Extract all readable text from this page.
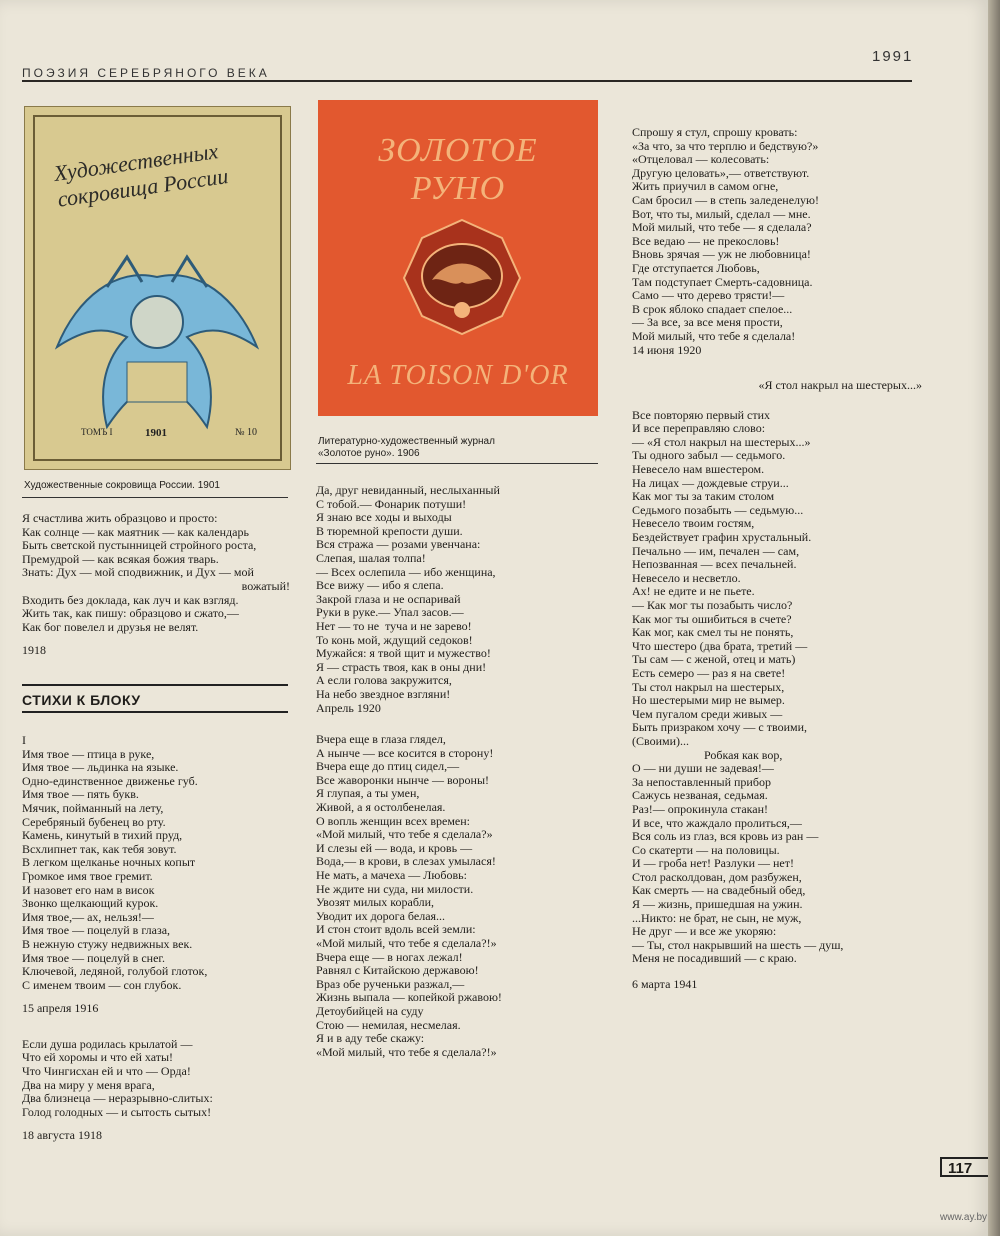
1991
ПОЭЗИЯ СЕРЕБРЯНОГО ВЕКА
Художественных сокровища России
ТОМЪ I	1901	№ 10
Художественные сокровища России. 1901
ЗОЛОТОЕ РУНО
LA TOISON D'OR
Литературно-художественный журнал
«Золотое руно». 1906

Я счастлива жить образцово и просто:

Как солнце — как маятник — как календарь

Быть светской пустынницей стройного роста,

Премудрой — как всякая божия тварь.

Знать: Дух — мой сподвижник, и Дух — мой

вожатый!

Входить без доклада, как луч и как взгляд.

Жить так, как пишу: образцово и сжато,—

Как бог повелел и друзья не велят.

1918

СТИХИ К БЛОКУ

I

Имя твое — птица в руке,

Имя твое — льдинка на языке.

Одно-единственное движенье губ.

Имя твое — пять букв.

Мячик, пойманный на лету,

Серебряный бубенец во рту.

Камень, кинутый в тихий пруд,

Всхлипнет так, как тебя зовут.

В легком щелканье ночных копыт

Громкое имя твое гремит.

И назовет его нам в висок

Звонко щелкающий курок.

Имя твое,— ах, нельзя!—

Имя твое — поцелуй в глаза,

В нежную стужу недвижных век.

Имя твое — поцелуй в снег.

Ключевой, ледяной, голубой глоток,

С именем твоим — сон глубок.

15 апреля 1916

Если душа родилась крылатой —

Что ей хоромы и что ей хаты!

Что Чингисхан ей и что — Орда!

Два на миру у меня врага,

Два близнеца — неразрывно-слитых:

Голод голодных — и сытость сытых!

18 августа 1918

Да, друг невиданный, неслыханный

С тобой.— Фонарик потуши!

Я знаю все ходы и выходы

В тюремной крепости души.

Вся стража — розами увенчана:

Слепая, шалая толпа!

— Всех ослепила — ибо женщина,

Все вижу — ибо я слепа.

Закрой глаза и не оспаривай

Руки в руке.— Упал засов.—

Нет — то не  туча и не зарево!

То конь мой, ждущий седоков!

Мужайся: я твой щит и мужество!

Я — страсть твоя, как в оны дни!

А если голова закружится,

На небо звездное взгляни!

Апрель 1920

Вчера еще в глаза глядел,

А нынче — все косится в сторону!

Вчера еще до птиц сидел,—

Все жаворонки нынче — вороны!

Я глупая, а ты умен,

Живой, а я остолбенелая.

О вопль женщин всех времен:

«Мой милый, что тебе я сделала?»

И слезы ей — вода, и кровь —

Вода,— в крови, в слезах умылася!

Не мать, а мачеха — Любовь:

Не ждите ни суда, ни милости.

Увозят милых корабли,

Уводит их дорога белая...

И стон стоит вдоль всей земли:

«Мой милый, что тебе я сделала?!»

Вчера еще — в ногах лежал!

Равнял с Китайскою державою!

Враз обе рученьки разжал,—

Жизнь выпала — копейкой ржавою!

Детоубийцей на суду

Стою — немилая, несмелая.

Я и в аду тебе скажу:

«Мой милый, что тебе я сделала?!»

Спрошу я стул, спрошу кровать:

«За что, за что терплю и бедствую?»

«Отцеловал — колесовать:

Другую целовать»,— ответствуют.

Жить приучил в самом огне,

Сам бросил — в степь заледенелую!

Вот, что ты, милый, сделал — мне.

Мой милый, что тебе — я сделала?

Все ведаю — не прекословь!

Вновь зрячая — уж не любовница!

Где отступается Любовь,

Там подступает Смерть-садовница.

Само — что дерево трясти!—

В срок яблоко спадает спелое...

— За все, за все меня прости,

Мой милый, что тебе я сделала!

14 июня 1920

«Я стол накрыл на шестерых...»

Все повторяю первый стих

И все переправляю слово:

— «Я стол накрыл на шестерых...»

Ты одного забыл — седьмого.

Невесело нам вшестером.

На лицах — дождевые струи...

Как мог ты за таким столом

Седьмого позабыть — седьмую...

Невесело твоим гостям,

Бездействует графин хрустальный.

Печально — им, печален — сам,

Непозванная — всех печальней.

Невесело и несветло.

Ах! не едите и не пьете.

— Как мог ты позабыть число?

Как мог ты ошибиться в счете?

Как мог, как смел ты не понять,

Что шестеро (два брата, третий —

Ты сам — с женой, отец и мать)

Есть семеро — раз я на свете!

Ты стол накрыл на шестерых,

Но шестерыми мир не вымер.

Чем пугалом среди живых —

Быть призраком хочу — с твоими,

(Своими)...

Робкая как вор,

О — ни души не задевая!—

За непоставленный прибор

Сажусь незваная, седьмая.

Раз!— опрокинула стакан!

И все, что жаждало пролиться,—

Вся соль из глаз, вся кровь из ран —

Со скатерти — на половицы.

И — гроба нет! Разлуки — нет!

Стол расколдован, дом разбужен,

Как смерть — на свадебный обед,

Я — жизнь, пришедшая на ужин.

...Никто: не брат, не сын, не муж,

Не друг — и все же укоряю:

— Ты, стол накрывший на шесть — душ,

Меня не посадивший — с краю.

6 марта 1941

117
www.ay.by
